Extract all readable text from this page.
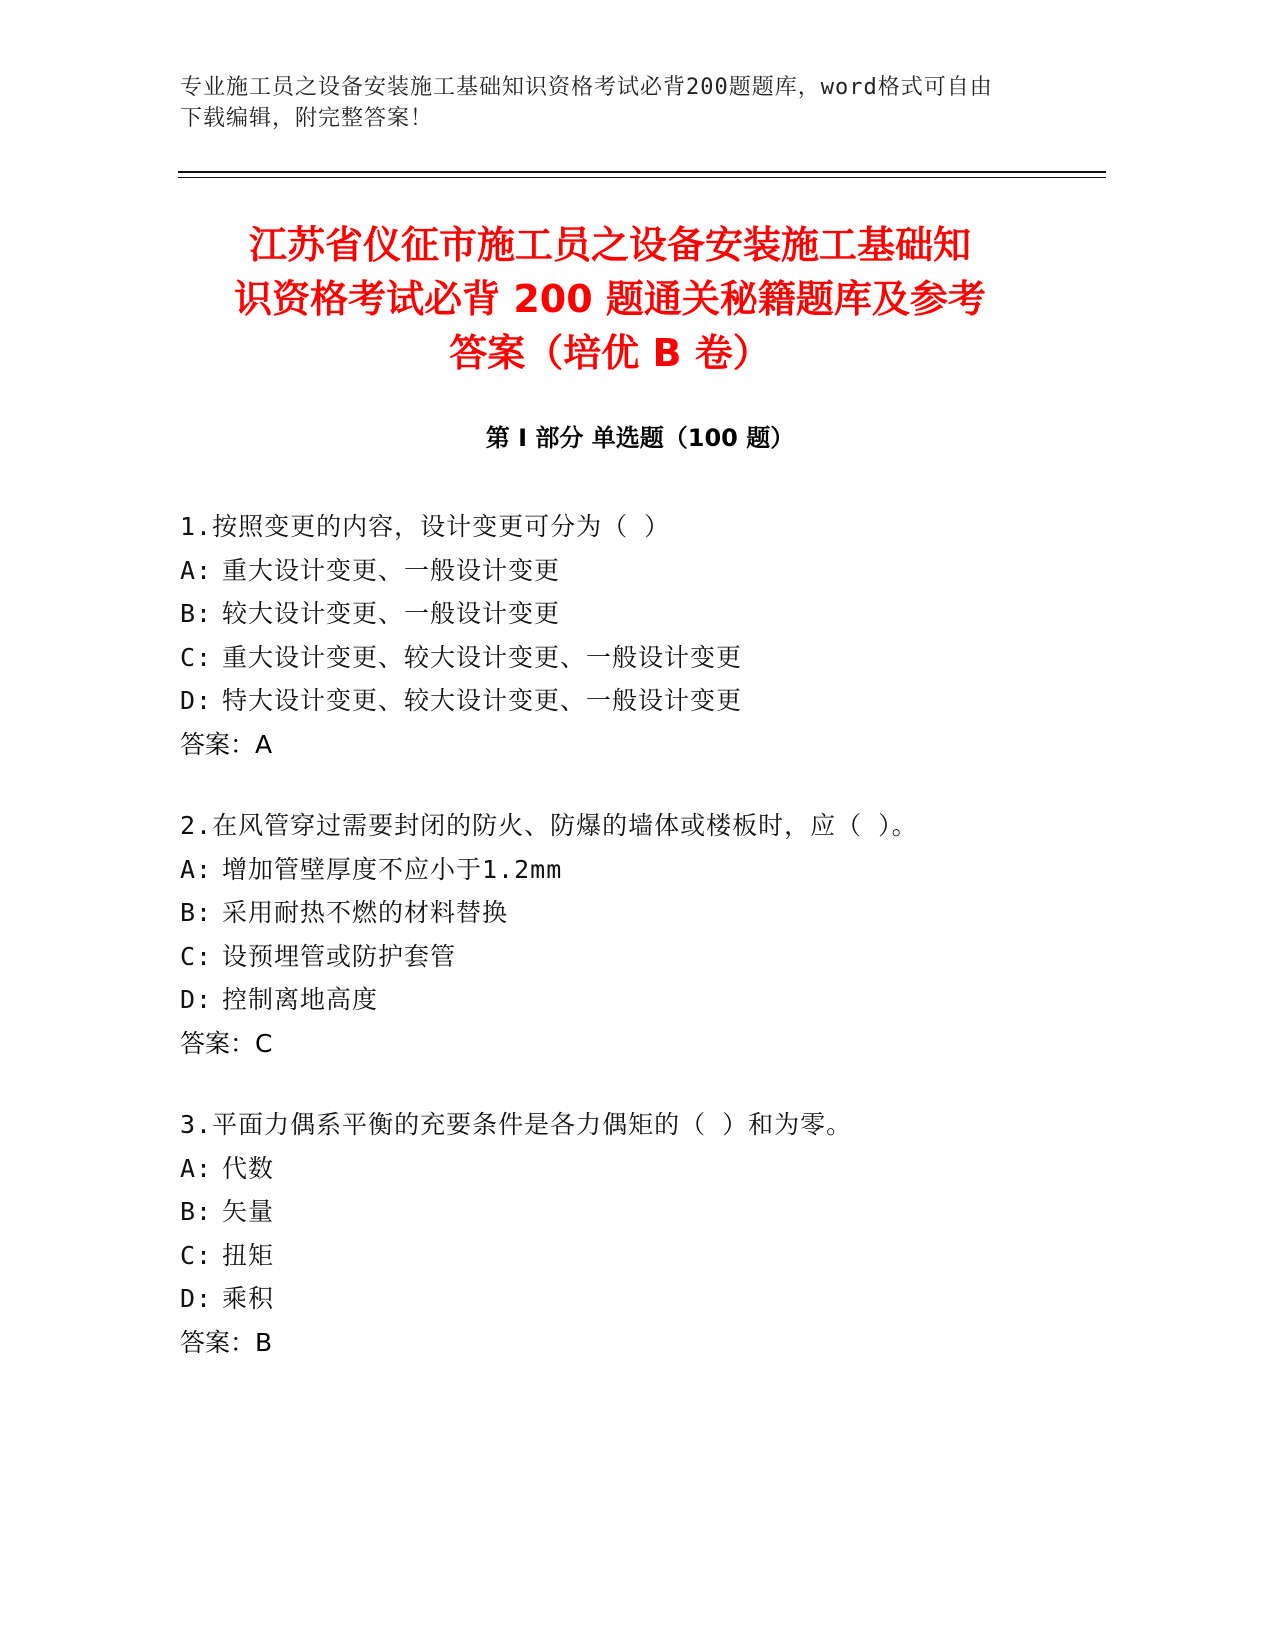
专业施工员之设备安装施工基础知识资格考试必背200题题库，word格式可自由
下载编辑，附完整答案！
江苏省仪征市施工员之设备安装施工基础知
识资格考试必背 200 题通关秘籍题库及参考
答案（培优 B 卷）
第 I 部分 单选题（100 题）
1.按照变更的内容，设计变更可分为（ ）
A: 重大设计变更、一般设计变更
B: 较大设计变更、一般设计变更
C: 重大设计变更、较大设计变更、一般设计变更
D: 特大设计变更、较大设计变更、一般设计变更
答案：A
2.在风管穿过需要封闭的防火、防爆的墙体或楼板时，应（ ）。
A: 增加管壁厚度不应小于1.2mm
B: 采用耐热不燃的材料替换
C: 设预埋管或防护套管
D: 控制离地高度
答案：C
3.平面力偶系平衡的充要条件是各力偶矩的（ ）和为零。
A: 代数
B: 矢量
C: 扭矩
D: 乘积
答案：B
